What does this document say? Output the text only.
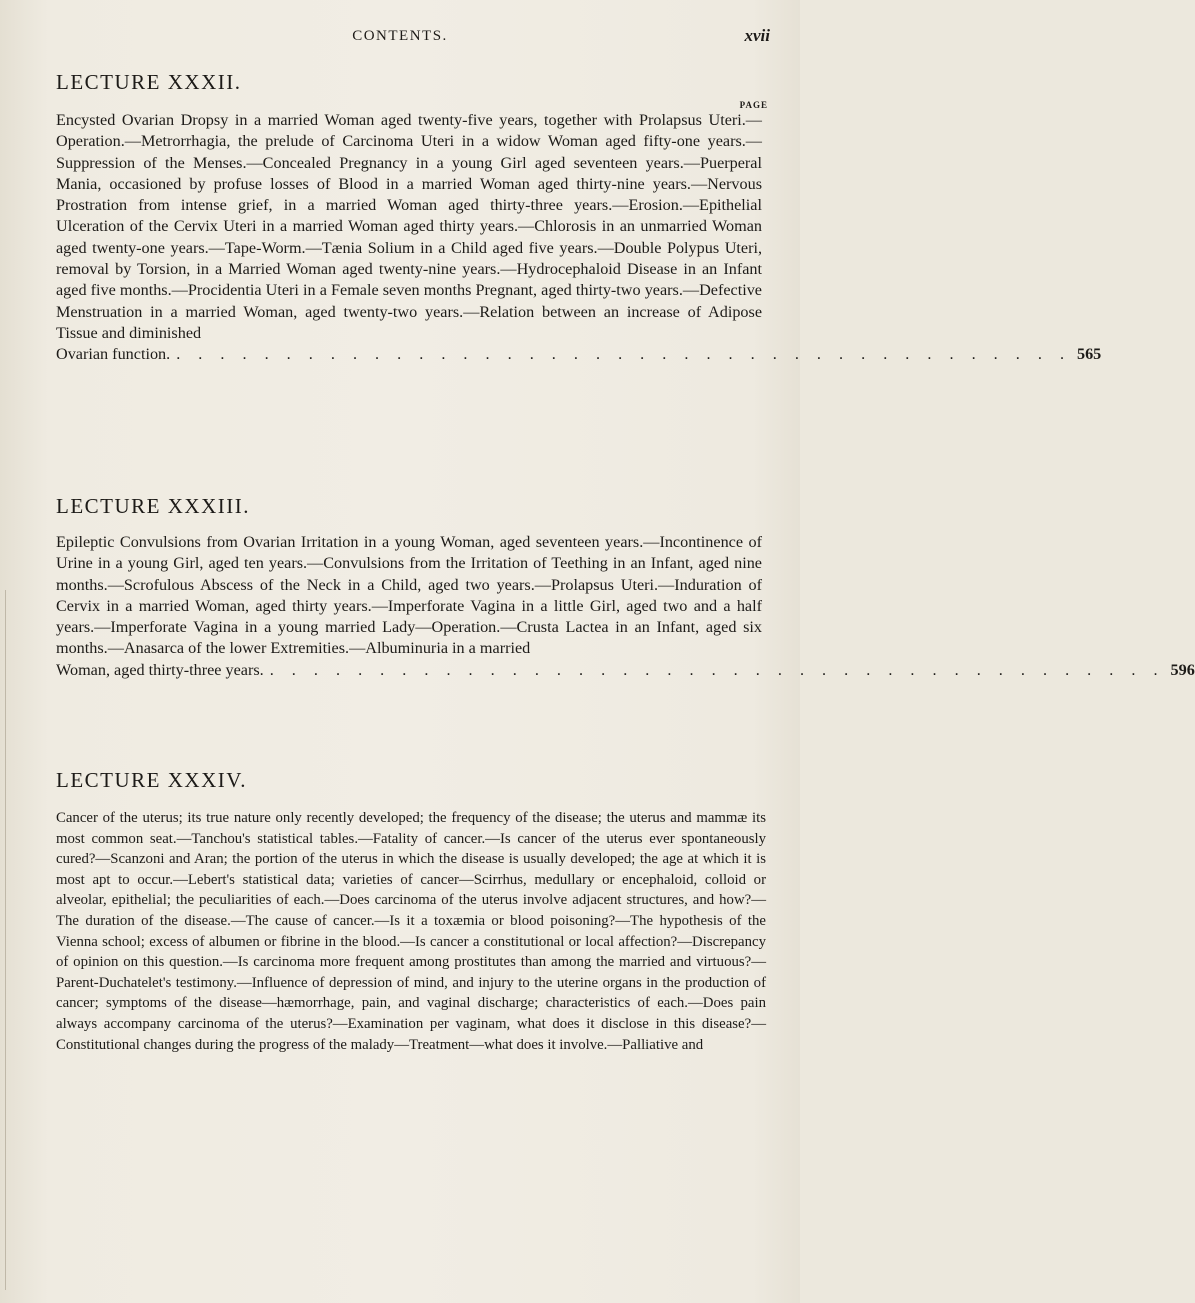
CONTENTS.	xvii
LECTURE XXXII.
PAGE
Encysted Ovarian Dropsy in a married Woman aged twenty-five years, together with Prolapsus Uteri.—Operation.—Metrorrhagia, the prelude of Carcinoma Uteri in a widow Woman aged fifty-one years.—Suppression of the Menses.—Concealed Pregnancy in a young Girl aged seventeen years.—Puerperal Mania, occasioned by profuse losses of Blood in a married Woman aged thirty-nine years.—Nervous Prostration from intense grief, in a married Woman aged thirty-three years.—Erosion.—Epithelial Ulceration of the Cervix Uteri in a married Woman aged thirty years.—Chlorosis in an unmarried Woman aged twenty-one years.—Tape-Worm.—Tænia Solium in a Child aged five years.—Double Polypus Uteri, removal by Torsion, in a Married Woman aged twenty-nine years.—Hydrocephaloid Disease in an Infant aged five months.—Procidentia Uteri in a Female seven months Pregnant, aged thirty-two years.—Defective Menstruation in a married Woman, aged twenty-two years.—Relation between an increase of Adipose Tissue and diminished
Ovarian function. . . . . . . . . . . . . . . . . . . . . . . . . . . . . . . . . . . . . . . . . . 565
LECTURE XXXIII.
Epileptic Convulsions from Ovarian Irritation in a young Woman, aged seventeen years.—Incontinence of Urine in a young Girl, aged ten years.—Convulsions from the Irritation of Teething in an Infant, aged nine months.—Scrofulous Abscess of the Neck in a Child, aged two years.—Prolapsus Uteri.—Induration of Cervix in a married Woman, aged thirty years.—Imperforate Vagina in a little Girl, aged two and a half years.—Imperforate Vagina in a young married Lady—Operation.—Crusta Lactea in an Infant, aged six months.—Anasarca of the lower Extremities.—Albuminuria in a married
Woman, aged thirty-three years. . . . . . . . . . . . . . . . . . . . . . . . . . . . . . . . . . . . . . . . . . 596
LECTURE XXXIV.
Cancer of the uterus; its true nature only recently developed; the frequency of the disease; the uterus and mammæ its most common seat.—Tanchou's statistical tables.—Fatality of cancer.—Is cancer of the uterus ever spontaneously cured?—Scanzoni and Aran; the portion of the uterus in which the disease is usually developed; the age at which it is most apt to occur.—Lebert's statistical data; varieties of cancer—Scirrhus, medullary or encephaloid, colloid or alveolar, epithelial; the peculiarities of each.—Does carcinoma of the uterus involve adjacent structures, and how?—The duration of the disease.—The cause of cancer.—Is it a toxæmia or blood poisoning?—The hypothesis of the Vienna school; excess of albumen or fibrine in the blood.—Is cancer a constitutional or local affection?—Discrepancy of opinion on this question.—Is carcinoma more frequent among prostitutes than among the married and virtuous?—Parent-Duchatelet's testimony.—Influence of depression of mind, and injury to the uterine organs in the production of cancer; symptoms of the disease—hæmorrhage, pain, and vaginal discharge; characteristics of each.—Does pain always accompany carcinoma of the uterus?—Examination per vaginam, what does it disclose in this disease?—Constitutional changes during the progress of the malady—Treatment—what does it involve.—Palliative and
